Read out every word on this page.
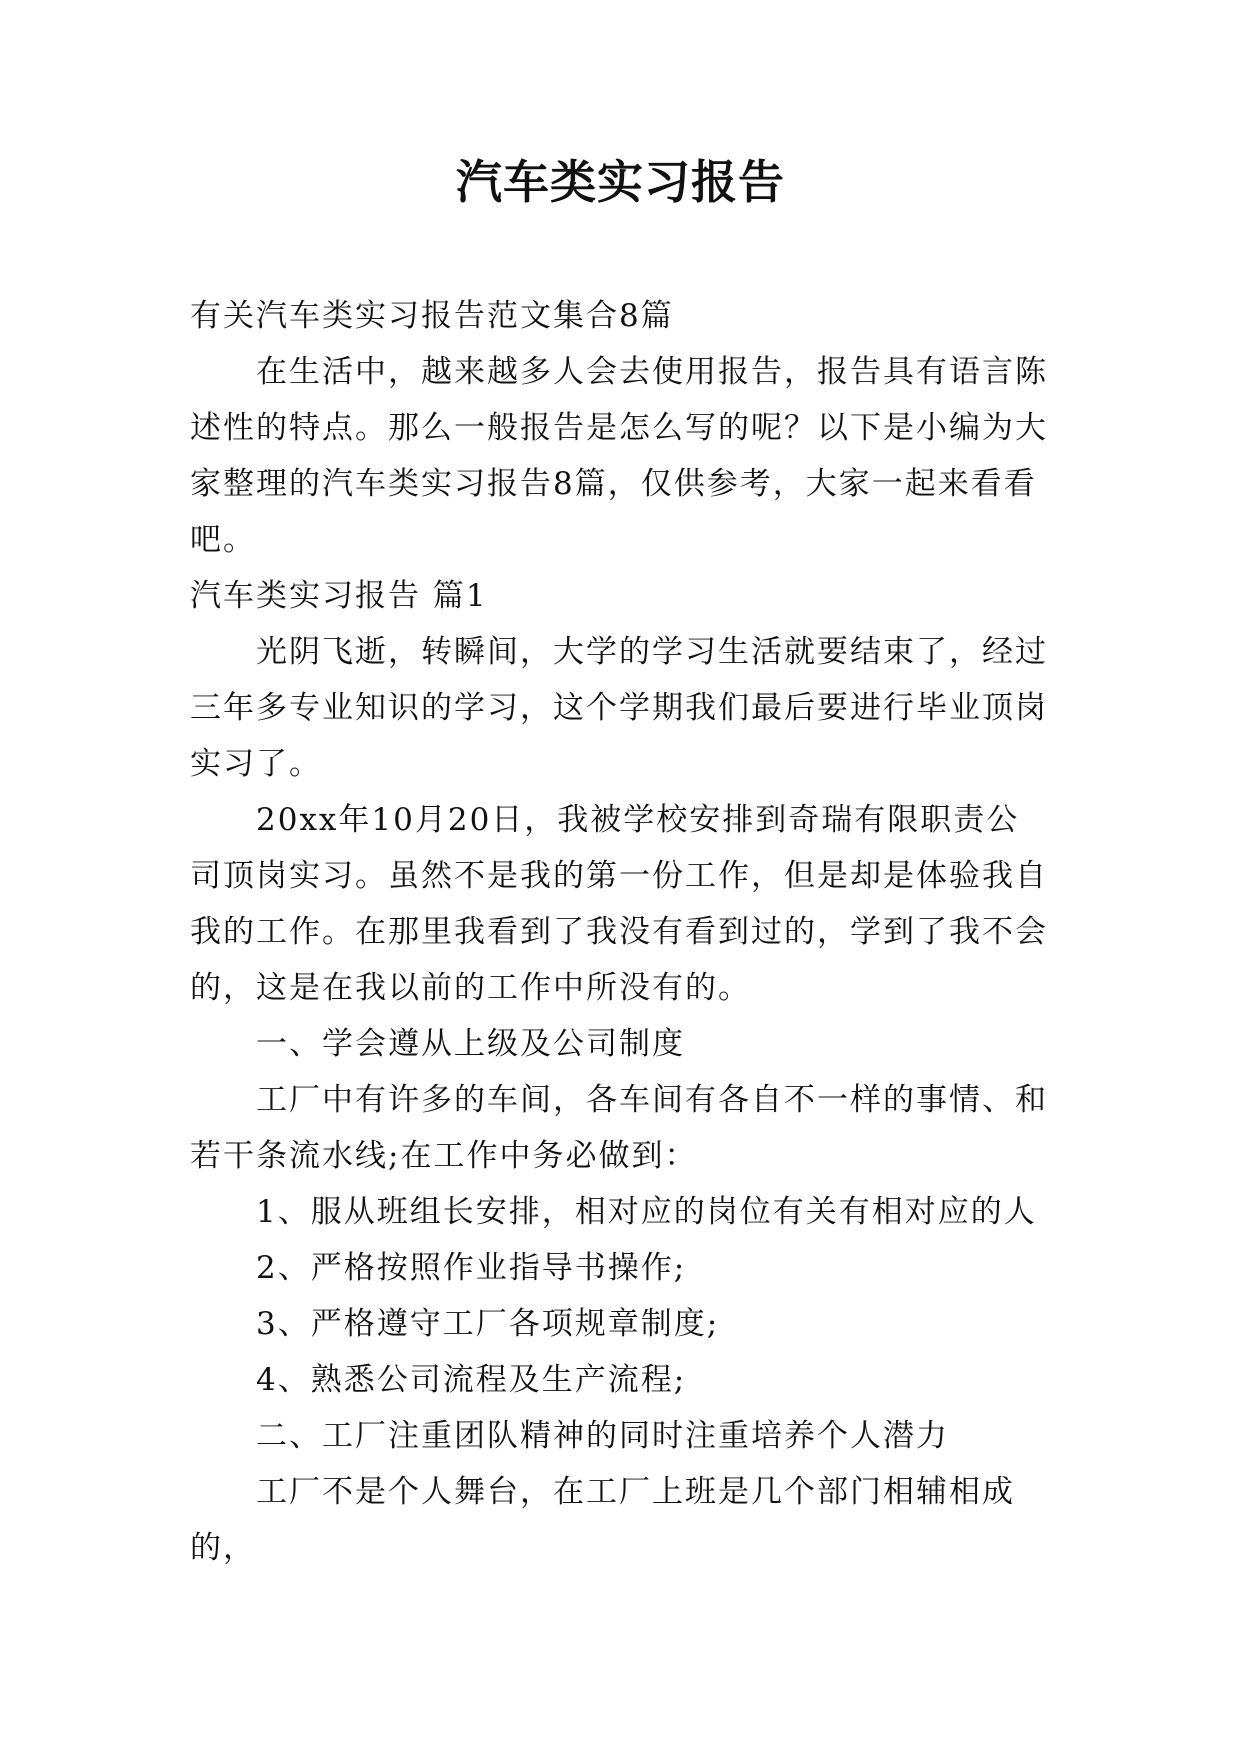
汽车类实习报告

有关汽车类实习报告范文集合8篇

在生活中，越来越多人会去使用报告，报告具有语言陈述性的特点。那么一般报告是怎么写的呢？以下是小编为大家整理的汽车类实习报告8篇，仅供参考，大家一起来看看吧。

汽车类实习报告 篇1

光阴飞逝，转瞬间，大学的学习生活就要结束了，经过三年多专业知识的学习，这个学期我们最后要进行毕业顶岗实习了。

20xx年10月20日，我被学校安排到奇瑞有限职责公司顶岗实习。虽然不是我的第一份工作，但是却是体验我自我的工作。在那里我看到了我没有看到过的，学到了我不会的，这是在我以前的工作中所没有的。

一、学会遵从上级及公司制度

工厂中有许多的车间，各车间有各自不一样的事情、和若干条流水线;在工作中务必做到：

1、服从班组长安排，相对应的岗位有关有相对应的人

2、严格按照作业指导书操作;

3、严格遵守工厂各项规章制度;

4、熟悉公司流程及生产流程;

二、工厂注重团队精神的同时注重培养个人潜力

工厂不是个人舞台，在工厂上班是几个部门相辅相成的，
